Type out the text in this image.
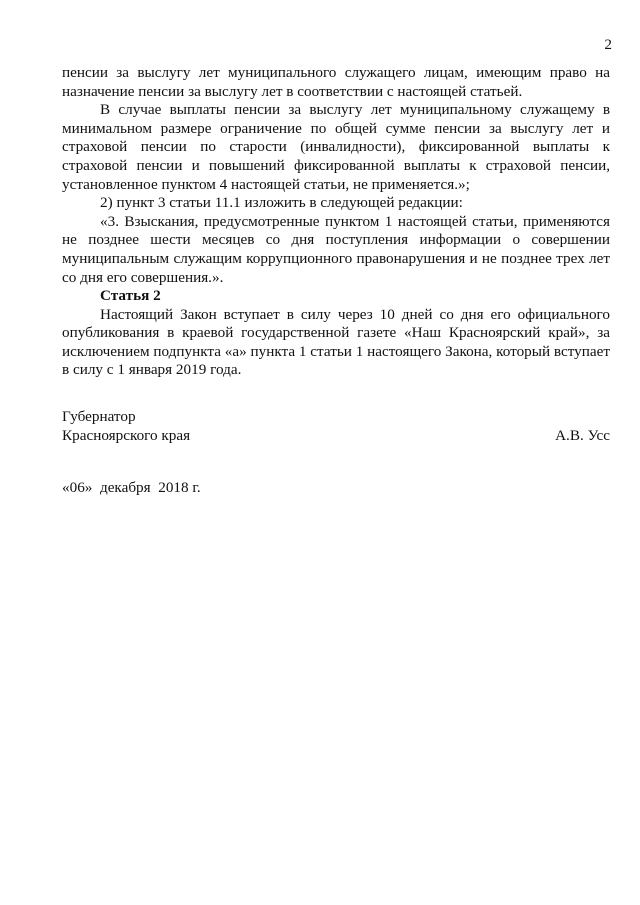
2

пенсии за выслугу лет муниципального служащего лицам, имеющим право на назначение пенсии за выслугу лет в соответствии с настоящей статьей.

В случае выплаты пенсии за выслугу лет муниципальному служащему в минимальном размере ограничение по общей сумме пенсии за выслугу лет и страховой пенсии по старости (инвалидности), фиксированной выплаты к страховой пенсии и повышений фиксированной выплаты к страховой пенсии, установленное пунктом 4 настоящей статьи, не применяется.»;

2) пункт 3 статьи 11.1 изложить в следующей редакции:

«3. Взыскания, предусмотренные пунктом 1 настоящей статьи, применяются не позднее шести месяцев со дня поступления информации о совершении муниципальным служащим коррупционного правонарушения и не позднее трех лет со дня его совершения.».

Статья 2

Настоящий Закон вступает в силу через 10 дней со дня его официального опубликования в краевой государственной газете «Наш Красноярский край», за исключением подпункта «а» пункта 1 статьи 1 настоящего Закона, который вступает в силу с 1 января 2019 года.

Губернатор
Красноярского края	А.В. Усс
«06»  декабря  2018 г.
